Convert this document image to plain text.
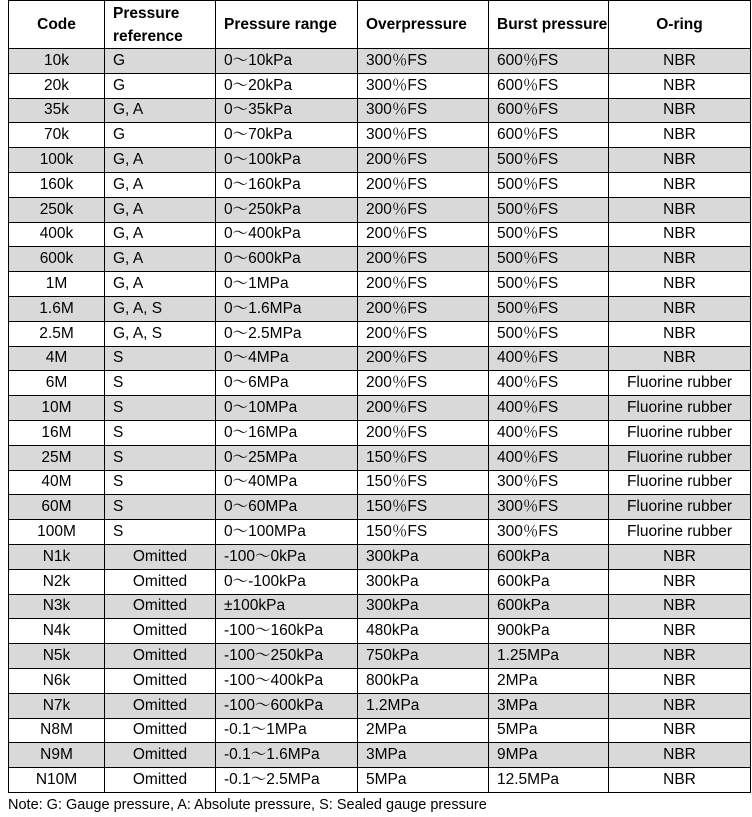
Code	Pressure reference	Pressure range	Overpressure	Burst pressure	O-ring
10k	G	0～10kPa	300％FS	600％FS	NBR
20k	G	0～20kPa	300％FS	600％FS	NBR
35k	G, A	0～35kPa	300％FS	600％FS	NBR
70k	G	0～70kPa	300％FS	600％FS	NBR
100k	G, A	0～100kPa	200％FS	500％FS	NBR
160k	G, A	0～160kPa	200％FS	500％FS	NBR
250k	G, A	0～250kPa	200％FS	500％FS	NBR
400k	G, A	0～400kPa	200％FS	500％FS	NBR
600k	G, A	0～600kPa	200％FS	500％FS	NBR
1M	G, A	0～1MPa	200％FS	500％FS	NBR
1.6M	G, A, S	0～1.6MPa	200％FS	500％FS	NBR
2.5M	G, A, S	0～2.5MPa	200％FS	500％FS	NBR
4M	S	0～4MPa	200％FS	400％FS	NBR
6M	S	0～6MPa	200％FS	400％FS	Fluorine rubber
10M	S	0～10MPa	200％FS	400％FS	Fluorine rubber
16M	S	0～16MPa	200％FS	400％FS	Fluorine rubber
25M	S	0～25MPa	150％FS	400％FS	Fluorine rubber
40M	S	0～40MPa	150％FS	300％FS	Fluorine rubber
60M	S	0～60MPa	150％FS	300％FS	Fluorine rubber
100M	S	0～100MPa	150％FS	300％FS	Fluorine rubber
N1k	Omitted	-100～0kPa	300kPa	600kPa	NBR
N2k	Omitted	0～-100kPa	300kPa	600kPa	NBR
N3k	Omitted	±100kPa	300kPa	600kPa	NBR
N4k	Omitted	-100～160kPa	480kPa	900kPa	NBR
N5k	Omitted	-100～250kPa	750kPa	1.25MPa	NBR
N6k	Omitted	-100～400kPa	800kPa	2MPa	NBR
N7k	Omitted	-100～600kPa	1.2MPa	3MPa	NBR
N8M	Omitted	-0.1～1MPa	2MPa	5MPa	NBR
N9M	Omitted	-0.1～1.6MPa	3MPa	9MPa	NBR
N10M	Omitted	-0.1～2.5MPa	5MPa	12.5MPa	NBR
Note: G: Gauge pressure, A: Absolute pressure, S: Sealed gauge pressure
